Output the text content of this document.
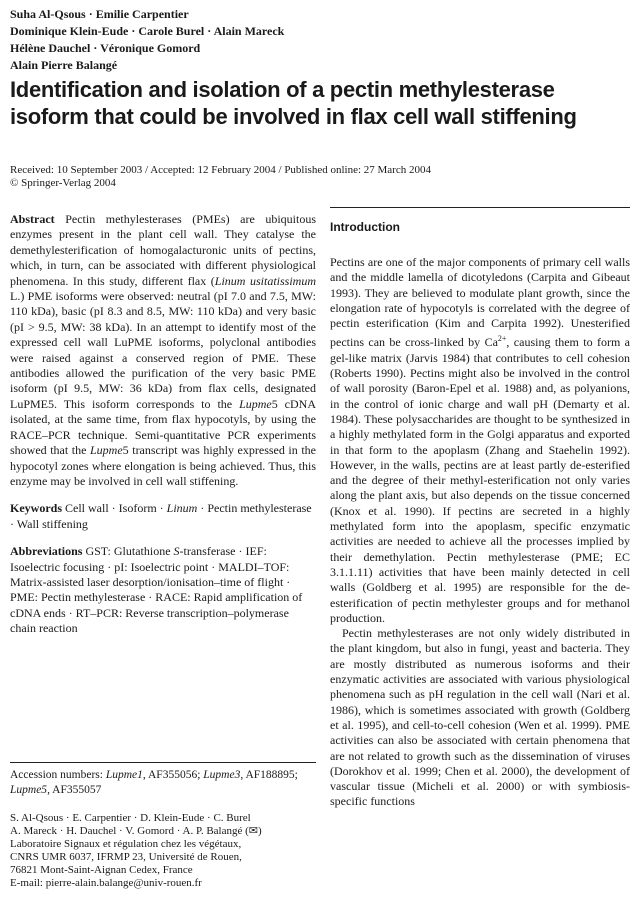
Suha Al-Qsous · Emilie Carpentier
Dominique Klein-Eude · Carole Burel · Alain Mareck
Hélène Dauchel · Véronique Gomord
Alain Pierre Balangé
Identification and isolation of a pectin methylesterase isoform that could be involved in flax cell wall stiffening
Received: 10 September 2003 / Accepted: 12 February 2004 / Published online: 27 March 2004
© Springer-Verlag 2004

Abstract Pectin methylesterases (PMEs) are ubiquitous enzymes present in the plant cell wall. They catalyse the demethylesterification of homogalacturonic units of pectins, which, in turn, can be associated with different physiological phenomena. In this study, different flax (Linum usitatissimum L.) PME isoforms were observed: neutral (pI 7.0 and 7.5, MW: 110 kDa), basic (pI 8.3 and 8.5, MW: 110 kDa) and very basic (pI > 9.5, MW: 38 kDa). In an attempt to identify most of the expressed cell wall LuPME isoforms, polyclonal antibodies were raised against a conserved region of PME. These antibodies allowed the purification of the very basic PME isoform (pI 9.5, MW: 36 kDa) from flax cells, designated LuPME5. This isoform corresponds to the Lupme5 cDNA isolated, at the same time, from flax hypocotyls, by using the RACE–PCR technique. Semi-quantitative PCR experiments showed that the Lupme5 transcript was highly expressed in the hypocotyl zones where elongation is being achieved. Thus, this enzyme may be involved in cell wall stiffening.

Keywords Cell wall · Isoform · Linum · Pectin methylesterase · Wall stiffening

Abbreviations GST: Glutathione S-transferase · IEF: Isoelectric focusing · pI: Isoelectric point · MALDI–TOF: Matrix-assisted laser desorption/ionisation–time of flight · PME: Pectin methylesterase · RACE: Rapid amplification of cDNA ends · RT–PCR: Reverse transcription–polymerase chain reaction

Accession numbers: Lupme1, AF355056; Lupme3, AF188895; Lupme5, AF355057
S. Al-Qsous · E. Carpentier · D. Klein-Eude · C. Burel
A. Mareck · H. Dauchel · V. Gomord · A. P. Balangé (✉)
Laboratoire Signaux et régulation chez les végétaux,
CNRS UMR 6037, IFRMP 23, Université de Rouen,
76821 Mont-Saint-Aignan Cedex, France
E-mail: pierre-alain.balange@univ-rouen.fr
Introduction

Pectins are one of the major components of primary cell walls and the middle lamella of dicotyledons (Carpita and Gibeaut 1993). They are believed to modulate plant growth, since the elongation rate of hypocotyls is correlated with the degree of pectin esterification (Kim and Carpita 1992). Unesterified pectins can be cross-linked by $Ca^{2+}$, causing them to form a gel-like matrix (Jarvis 1984) that contributes to cell cohesion (Roberts 1990). Pectins might also be involved in the control of wall porosity (Baron-Epel et al. 1988) and, as polyanions, in the control of ionic charge and wall pH (Demarty et al. 1984). These polysaccharides are thought to be synthesized in a highly methylated form in the Golgi apparatus and exported in that form to the apoplasm (Zhang and Staehelin 1992). However, in the walls, pectins are at least partly de-esterified and the degree of their methyl-esterification not only varies along the plant axis, but also depends on the tissue concerned (Knox et al. 1990). If pectins are secreted in a highly methylated form into the apoplasm, specific enzymatic activities are needed to achieve all the processes implied by their demethylation. Pectin methylesterase (PME; EC 3.1.1.11) activities that have been mainly detected in cell walls (Goldberg et al. 1995) are responsible for the de-esterification of pectin methylester groups and for methanol production.

Pectin methylesterases are not only widely distributed in the plant kingdom, but also in fungi, yeast and bacteria. They are mostly distributed as numerous isoforms and their enzymatic activities are associated with various physiological phenomena such as pH regulation in the cell wall (Nari et al. 1986), which is sometimes associated with growth (Goldberg et al. 1995), and cell-to-cell cohesion (Wen et al. 1999). PME activities can also be associated with certain phenomena that are not related to growth such as the dissemination of viruses (Dorokhov et al. 1999; Chen et al. 2000), the development of vascular tissue (Micheli et al. 2000) or with symbiosis-specific functions
